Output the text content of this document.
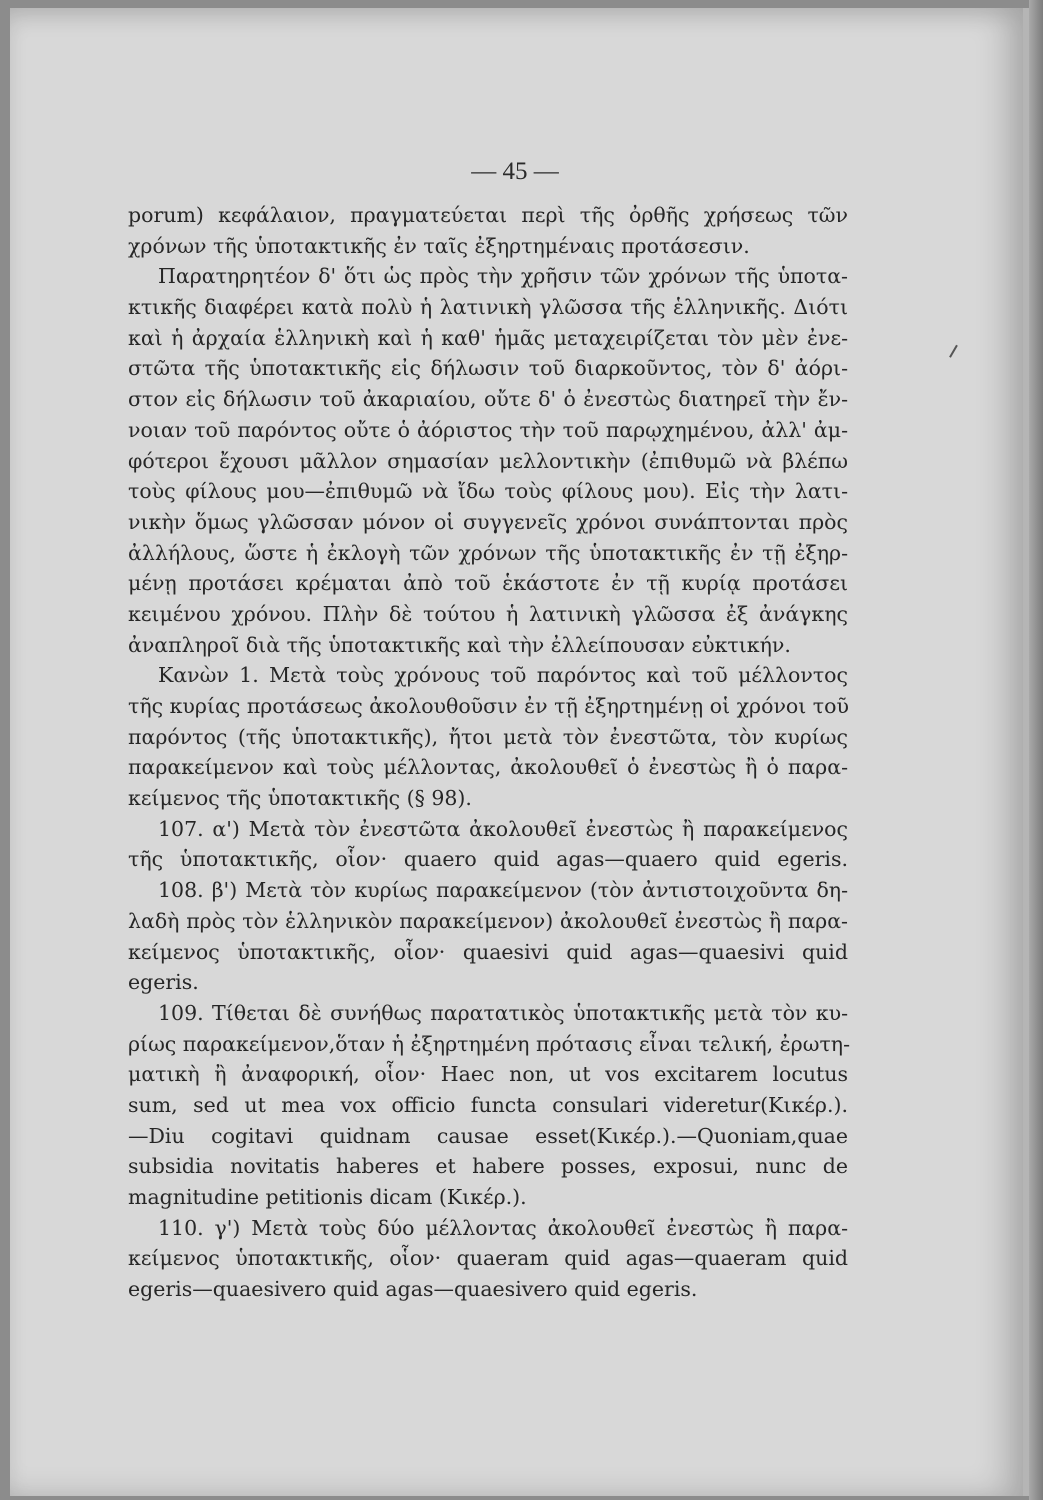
— 45 —
porum) κεφάλαιον, πραγματεύεται περὶ τῆς ὀρθῆς χρήσεως τῶν
χρόνων τῆς ὑποτακτικῆς ἐν ταῖς ἐξηρτημέναις προτάσεσιν.
Παρατηρητέον δ' ὅτι ὡς πρὸς τὴν χρῆσιν τῶν χρόνων τῆς ὑποτα-
κτικῆς διαφέρει κατὰ πολὺ ἡ λατινικὴ γλῶσσα τῆς ἑλληνικῆς. Διότι
καὶ ἡ ἀρχαία ἑλληνικὴ καὶ ἡ καθ' ἡμᾶς μεταχειρίζεται τὸν μὲν ἐνε-
στῶτα τῆς ὑποτακτικῆς εἰς δήλωσιν τοῦ διαρκοῦντος, τὸν δ' ἀόρι-
στον εἰς δήλωσιν τοῦ ἀκαριαίου, οὔτε δ' ὁ ἐνεστὼς διατηρεῖ τὴν ἔν-
νοιαν τοῦ παρόντος οὔτε ὁ ἀόριστος τὴν τοῦ παρῳχημένου, ἀλλ' ἀμ-
φότεροι ἔχουσι μᾶλλον σημασίαν μελλοντικὴν (ἐπιθυμῶ νὰ βλέπω
τοὺς φίλους μου—ἐπιθυμῶ νὰ ἴδω τοὺς φίλους μου). Εἰς τὴν λατι-
νικὴν ὅμως γλῶσσαν μόνον οἱ συγγενεῖς χρόνοι συνάπτονται πρὸς
ἀλλήλους, ὥστε ἡ ἐκλογὴ τῶν χρόνων τῆς ὑποτακτικῆς ἐν τῇ ἐξηρ-
μένῃ προτάσει κρέμαται ἀπὸ τοῦ ἑκάστοτε ἐν τῇ κυρίᾳ προτάσει
κειμένου χρόνου. Πλὴν δὲ τούτου ἡ λατινικὴ γλῶσσα ἐξ ἀνάγκης
ἀναπληροῖ διὰ τῆς ὑποτακτικῆς καὶ τὴν ἐλλείπουσαν εὐκτικήν.
Κανὼν 1. Μετὰ τοὺς χρόνους τοῦ παρόντος καὶ τοῦ μέλλοντος
τῆς κυρίας προτάσεως ἀκολουθοῦσιν ἐν τῇ ἐξηρτημένῃ οἱ χρόνοι τοῦ
παρόντος (τῆς ὑποτακτικῆς), ἤτοι μετὰ τὸν ἐνεστῶτα, τὸν κυρίως
παρακείμενον καὶ τοὺς μέλλοντας, ἀκολουθεῖ ὁ ἐνεστὼς ἢ ὁ παρα-
κείμενος τῆς ὑποτακτικῆς (§ 98).
107. α') Μετὰ τὸν ἐνεστῶτα ἀκολουθεῖ ἐνεστὼς ἢ παρακείμενος
τῆς ὑποτακτικῆς, οἷον· quaero quid agas—quaero quid egeris.
108. β') Μετὰ τὸν κυρίως παρακείμενον (τὸν ἀντιστοιχοῦντα δη-
λαδὴ πρὸς τὸν ἑλληνικὸν παρακείμενον) ἀκολουθεῖ ἐνεστὼς ἢ παρα-
κείμενος ὑποτακτικῆς, οἷον· quaesivi quid agas—quaesivi quid
egeris.
109. Τίθεται δὲ συνήθως παρατατικὸς ὑποτακτικῆς μετὰ τὸν κυ-
ρίως παρακείμενον,ὅταν ἡ ἐξηρτημένη πρότασις εἶναι τελική, ἐρωτη-
ματικὴ ἢ ἀναφορική, οἷον· Haec non, ut vos excitarem locutus
sum, sed ut mea vox officio functa consulari videretur(Κικέρ.).
—Diu cogitavi quidnam causae esset(Κικέρ.).—Quoniam,quae
subsidia novitatis haberes et habere posses, exposui, nunc de
magnitudine petitionis dicam (Κικέρ.).
110. γ') Μετὰ τοὺς δύο μέλλοντας ἀκολουθεῖ ἐνεστὼς ἢ παρα-
κείμενος ὑποτακτικῆς, οἷον· quaeram quid agas—quaeram quid
egeris—quaesivero quid agas—quaesivero quid egeris.
